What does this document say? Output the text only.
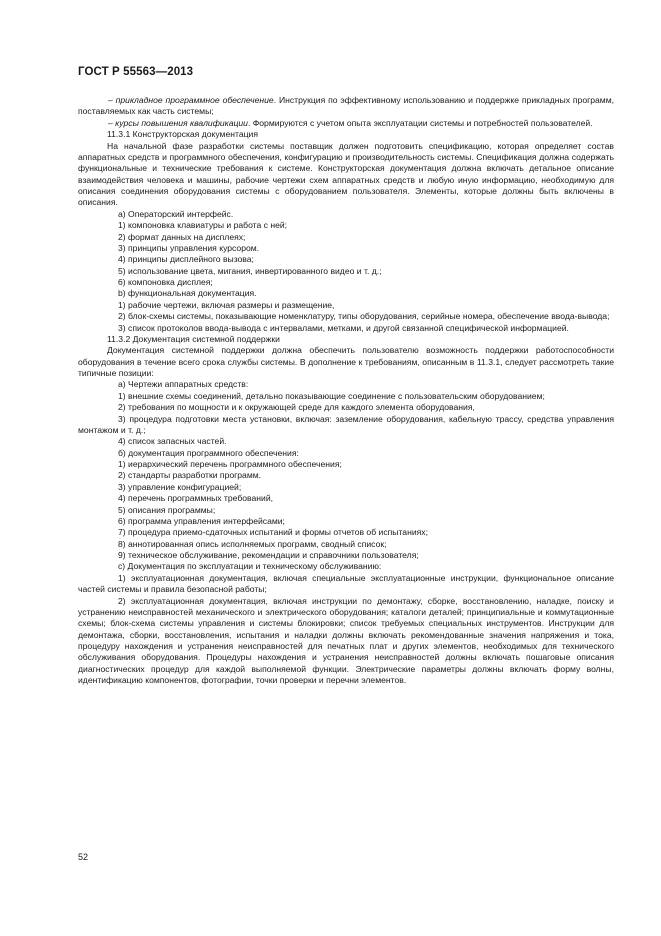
ГОСТ Р 55563—2013

– прикладное программное обеспечение. Инструкция по эффективному использованию и поддержке прикладных программ, поставляемых как часть системы;

– курсы повышения квалификации. Формируются с учетом опыта эксплуатации системы и потребностей пользователей.

11.3.1 Конструкторская документация

На начальной фазе разработки системы поставщик должен подготовить спецификацию, которая определяет состав аппаратных средств и программного обеспечения, конфигурацию и производительность системы. Спецификация должна содержать функциональные и технические требования к системе. Конструкторская документация должна включать детальное описание взаимодействия человека и машины, рабочие чертежи схем аппаратных средств и любую иную информацию, необходимую для описания соединения оборудования системы с оборудованием пользователя. Элементы, которые должны быть включены в описания.

а) Операторский интерфейс.

1) компоновка клавиатуры и работа с ней;

2) формат данных на дисплеях;

3) принципы управления курсором.

4) принципы дисплейного вызова;

5) использование цвета, мигания, инвертированного видео и т. д.;

6) компоновка дисплея;

b) функциональная документация.

1) рабочие чертежи, включая размеры и размещение,

2) блок-схемы системы, показывающие номенклатуру, типы оборудования, серийные номера, обеспечение ввода-вывода;

3) список протоколов ввода-вывода с интервалами, метками, и другой связанной специфической информацией.

11.3.2 Документация системной поддержки

Документация системной поддержки должна обеспечить пользователю возможность поддержки работоспособности оборудования в течение всего срока службы системы. В дополнение к требованиям, описанным в 11.3.1, следует рассмотреть такие типичные позиции:

а) Чертежи аппаратных средств:

1) внешние схемы соединений, детально показывающие соединение с пользовательским оборудованием;

2) требования по мощности и к окружающей среде для каждого элемента оборудования,

3) процедура подготовки места установки, включая: заземление оборудования, кабельную трассу, средства управления монтажом и т. д.;

4) список запасных частей.

б) документация программного обеспечения:

1) иерархический перечень программного обеспечения;

2) стандарты разработки программ.

3) управление конфигурацией;

4) перечень программных требований,

5) описания программы;

6) программа управления интерфейсами;

7) процедура приемо-сдаточных испытаний и формы отчетов об испытаниях;

8) аннотированная опись исполняемых программ, сводный список;

9) техническое обслуживание, рекомендации и справочники пользователя;

с) Документация по эксплуатации и техническому обслуживанию:

1) эксплуатационная документация, включая специальные эксплуатационные инструкции, функциональное описание частей системы и правила безопасной работы;

2) эксплуатационная документация, включая инструкции по демонтажу, сборке, восстановлению, наладке, поиску и устранению неисправностей механического и электрического оборудования; каталоги деталей; принципиальные и коммутационные схемы; блок-схема системы управления и системы блокировки; список требуемых специальных инструментов. Инструкции для демонтажа, сборки, восстановления, испытания и наладки должны включать рекомендованные значения напряжения и тока, процедуру нахождения и устранения неисправностей для печатных плат и других элементов, необходимых для технического обслуживания оборудования. Процедуры нахождения и устранения неисправностей должны включать пошаговые описания диагностических процедур для каждой выполняемой функции. Электрические параметры должны включать форму волны, идентификацию компонентов, фотографии, точки проверки и перечни элементов.

52
